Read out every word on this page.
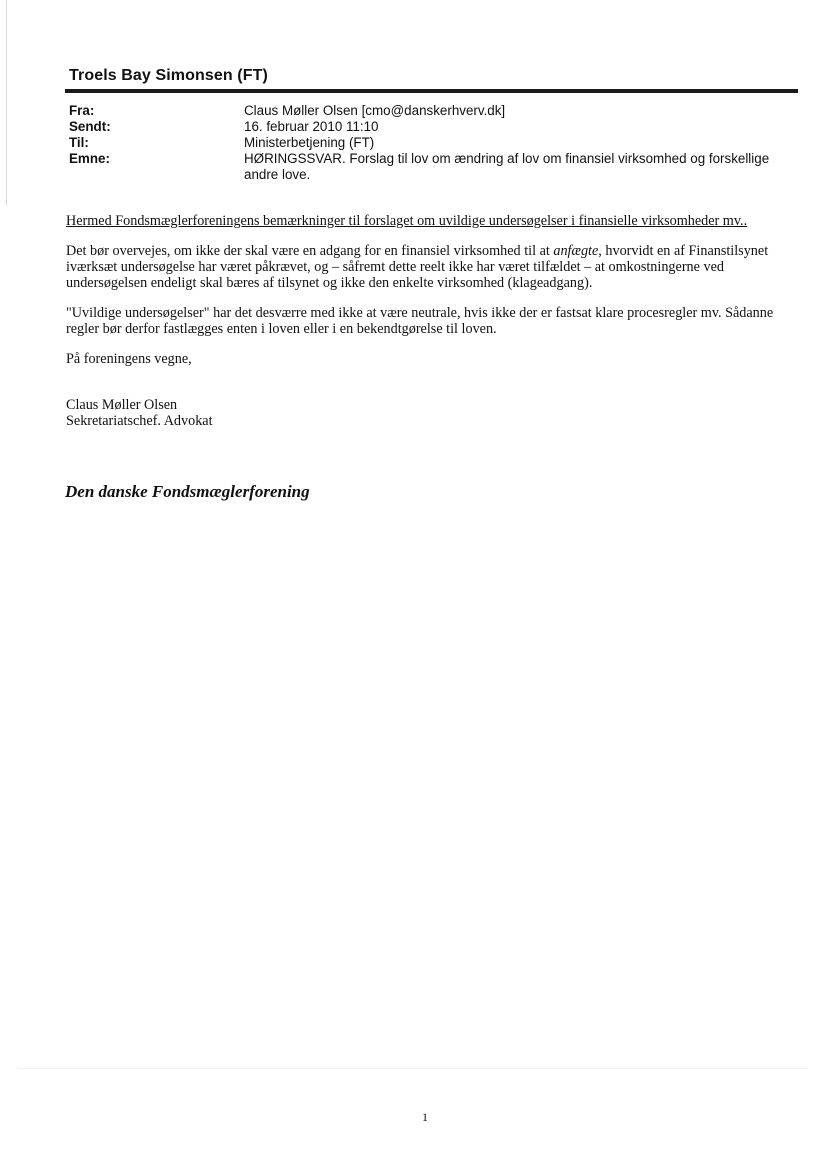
Troels Bay Simonsen (FT)
Fra:	Claus Møller Olsen [cmo@danskerhverv.dk]
Sendt:	16. februar 2010 11:10
Til:	Ministerbetjening (FT)
Emne:	HØRINGSSVAR. Forslag til lov om ændring af lov om finansiel virksomhed og forskellige andre love.

Hermed Fondsmæglerforeningens bemærkninger til forslaget om uvildige undersøgelser i finansielle virksomheder mv..

Det bør overvejes, om ikke der skal være en adgang for en finansiel virksomhed til at anfægte, hvorvidt en af Finanstilsynet iværksæt undersøgelse har været påkrævet, og – såfremt dette reelt ikke har været tilfældet – at omkostningerne ved undersøgelsen endeligt skal bæres af tilsynet og ikke den enkelte virksomhed (klageadgang).

"Uvildige undersøgelser" har det desværre med ikke at være neutrale, hvis ikke der er fastsat klare procesregler mv. Sådanne regler bør derfor fastlægges enten i loven eller i en bekendtgørelse til loven.

På foreningens vegne,

Claus Møller Olsen

Sekretariatschef. Advokat

Den danske Fondsmæglerforening
1
